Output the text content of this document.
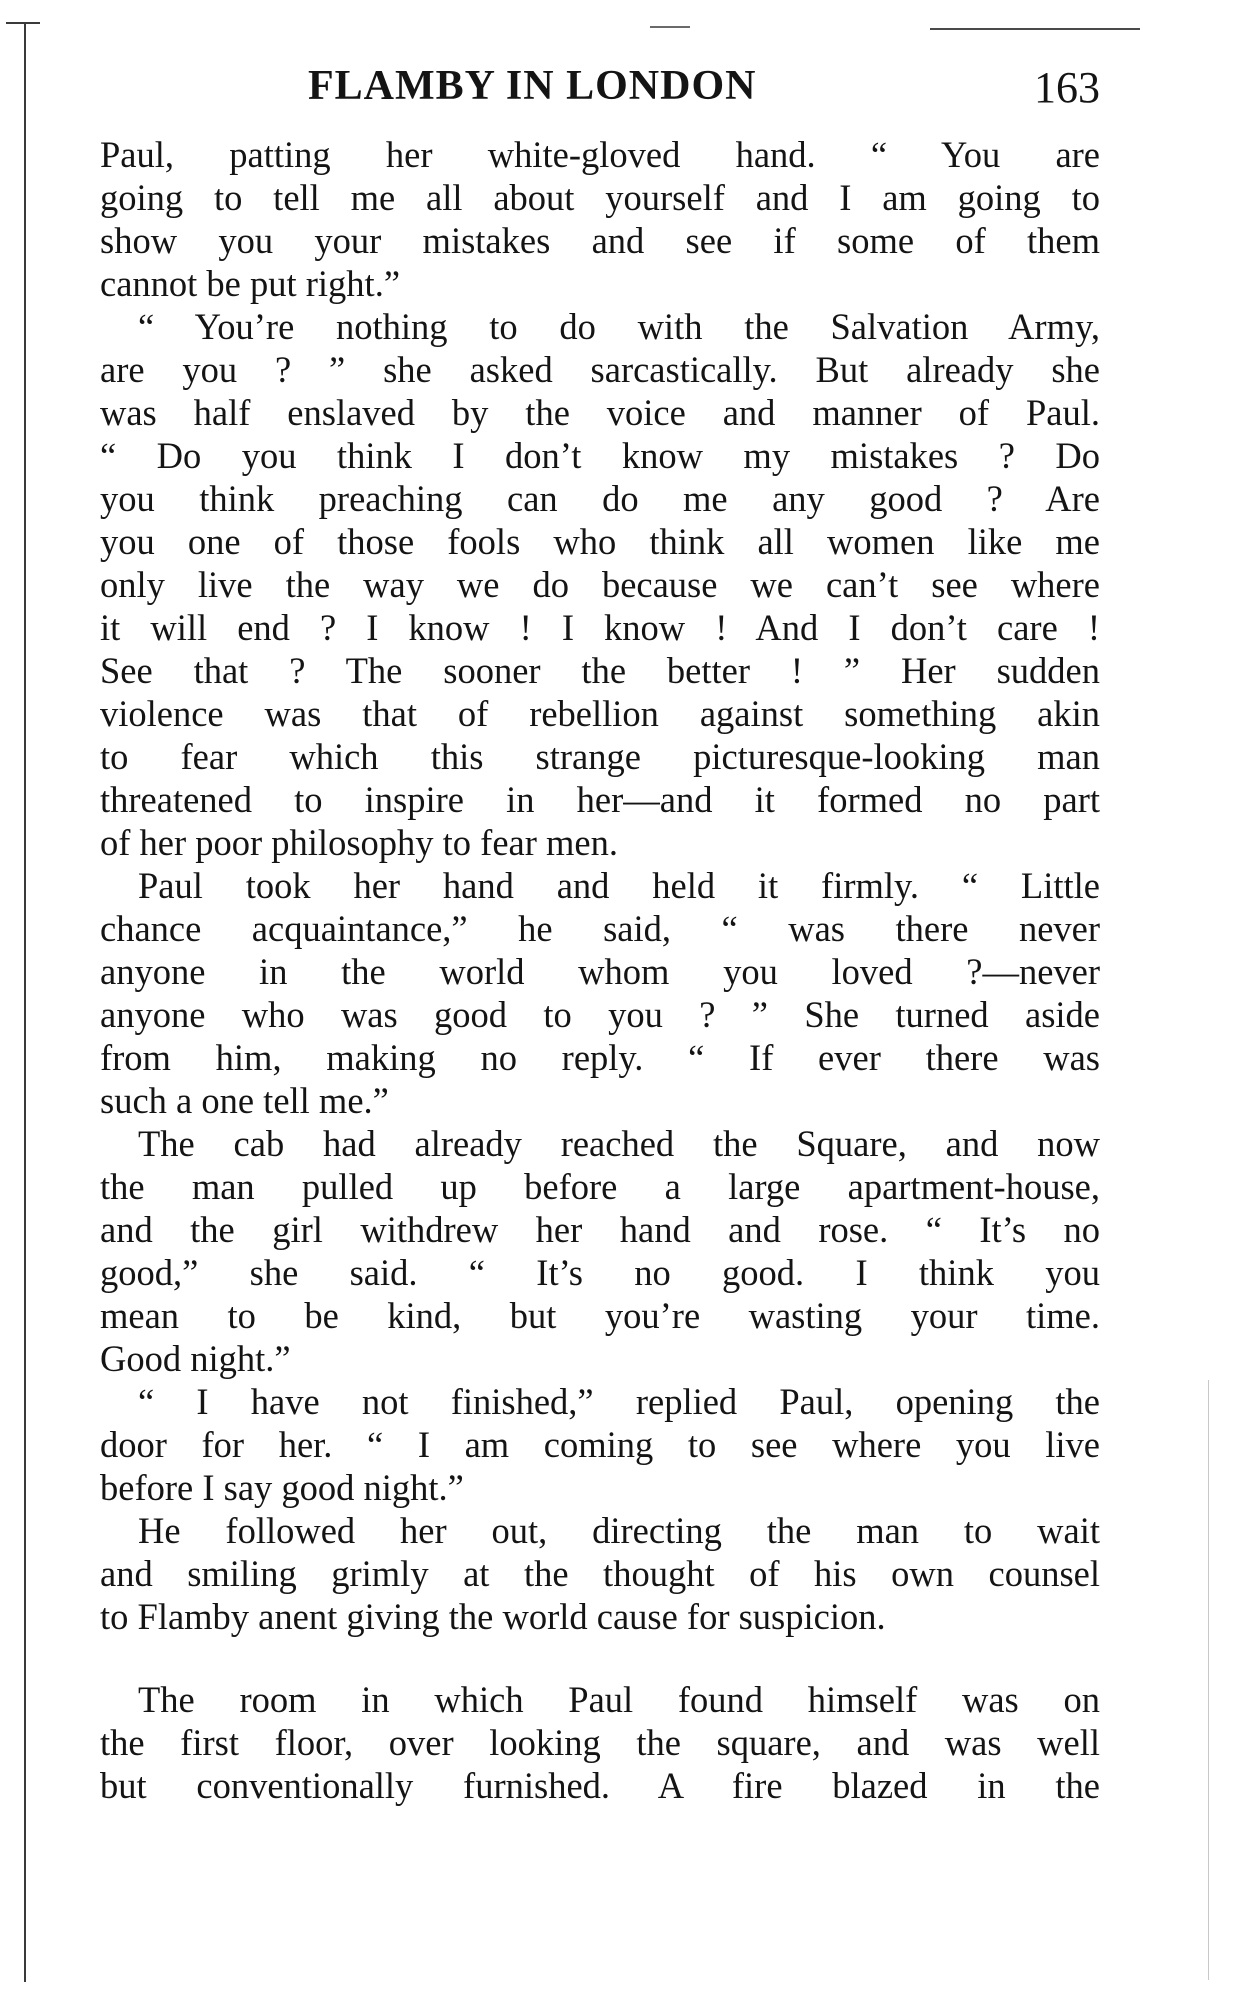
FLAMBY IN LONDON	163
Paul, patting her white-gloved hand. “ You are
going to tell me all about yourself and I am going to
show you your mistakes and see if some of them
cannot be put right.”
“ You’re nothing to do with the Salvation Army,
are you ? ” she asked sarcastically. But already she
was half enslaved by the voice and manner of Paul.
“ Do you think I don’t know my mistakes ? Do
you think preaching can do me any good ? Are
you one of those fools who think all women like me
only live the way we do because we can’t see where
it will end ? I know ! I know ! And I don’t care !
See that ? The sooner the better ! ” Her sudden
violence was that of rebellion against something akin
to fear which this strange picturesque-looking man
threatened to inspire in her—and it formed no part
of her poor philosophy to fear men.
Paul took her hand and held it firmly. “ Little
chance acquaintance,” he said, “ was there never
anyone in the world whom you loved ?—never
anyone who was good to you ? ” She turned aside
from him, making no reply. “ If ever there was
such a one tell me.”
The cab had already reached the Square, and now
the man pulled up before a large apartment-house,
and the girl withdrew her hand and rose. “ It’s no
good,” she said. “ It’s no good. I think you
mean to be kind, but you’re wasting your time.
Good night.”
“ I have not finished,” replied Paul, opening the
door for her. “ I am coming to see where you live
before I say good night.”
He followed her out, directing the man to wait
and smiling grimly at the thought of his own counsel
to Flamby anent giving the world cause for suspicion.
The room in which Paul found himself was on
the first floor, over looking the square, and was well
but conventionally furnished. A fire blazed in the
